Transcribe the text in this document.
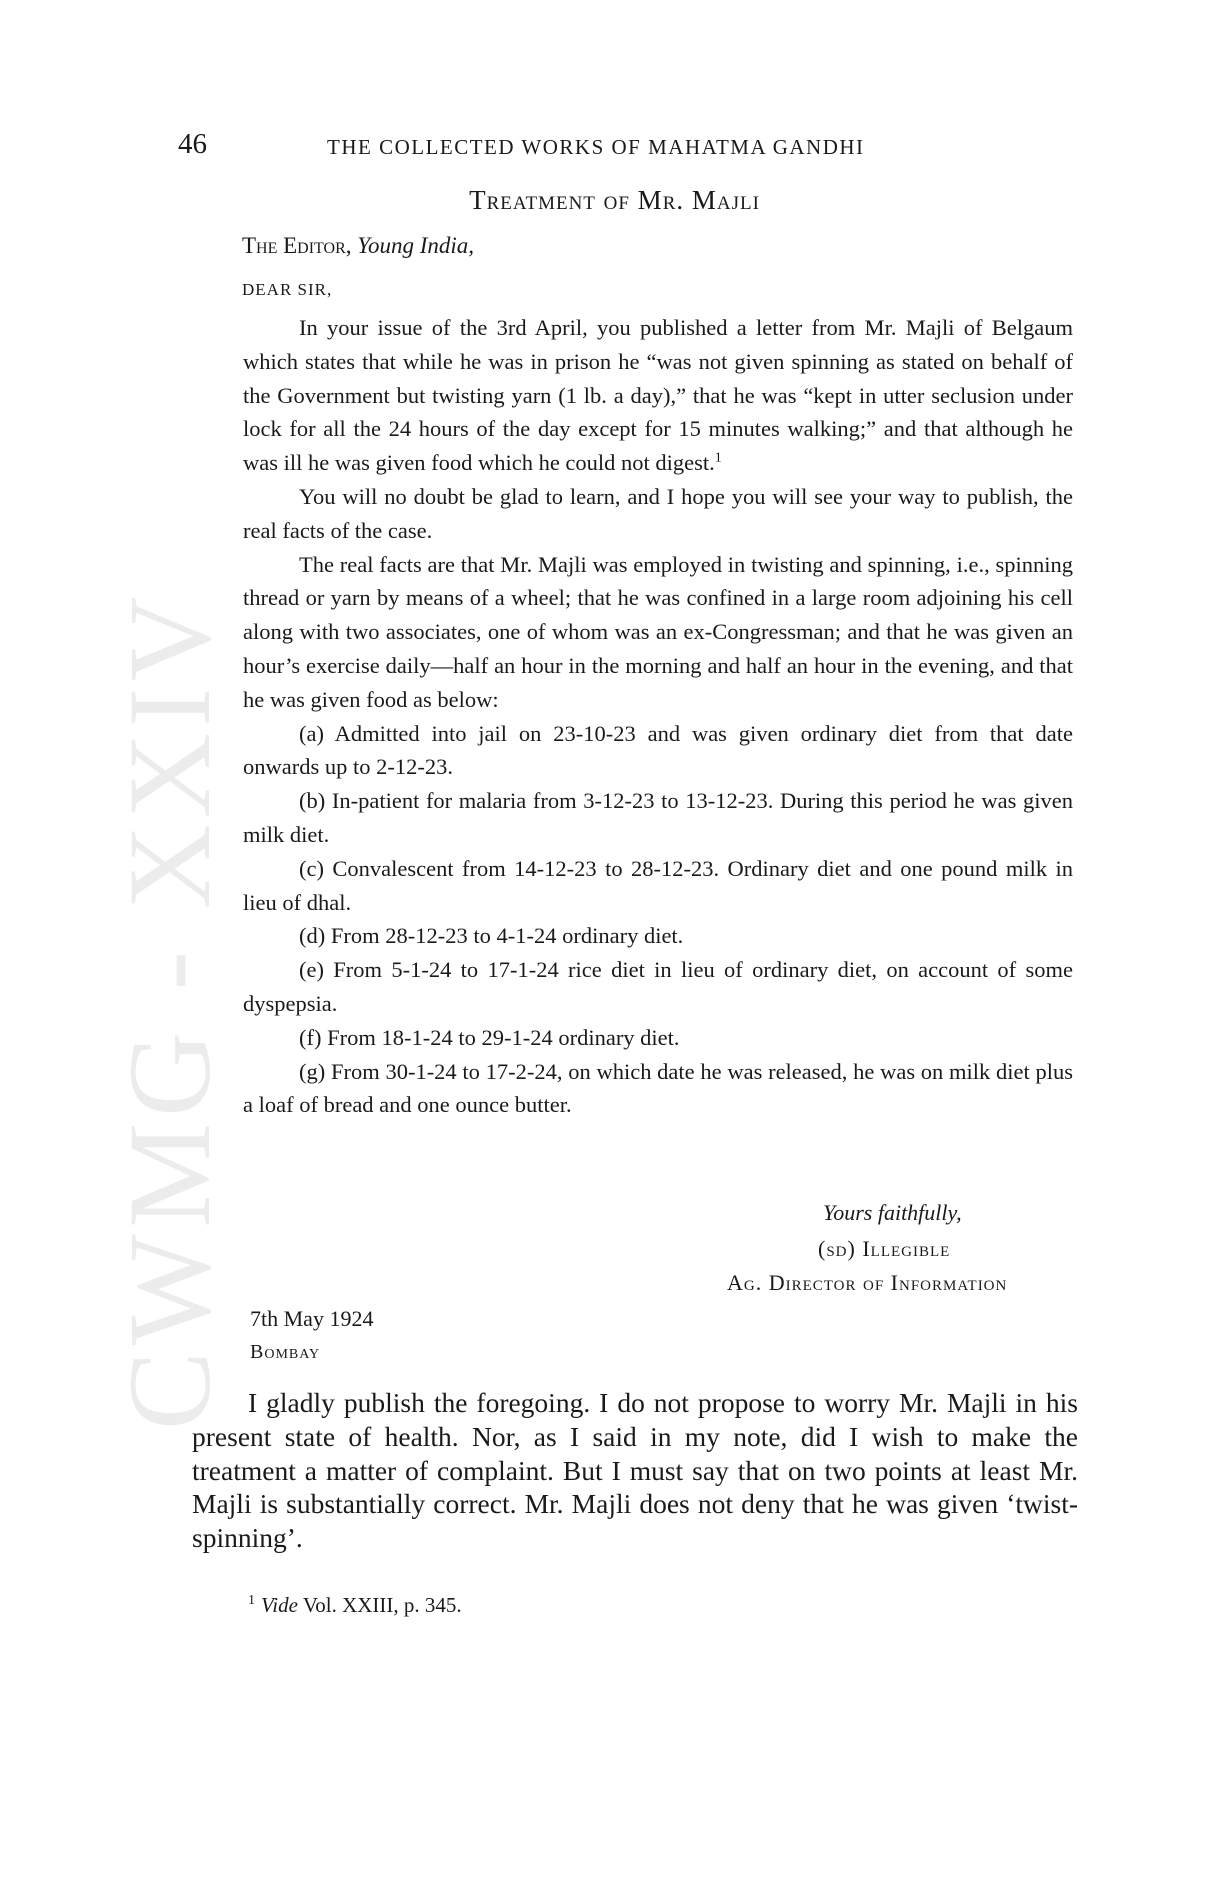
CWMG - XXIV
46	THE COLLECTED WORKS OF MAHATMA GANDHI
Treatment of Mr. Majli
The Editor, Young India,
DEAR SIR,

In your issue of the 3rd April, you published a letter from Mr. Majli of Belgaum which states that while he was in prison he “was not given spinning as stated on behalf of the Government but twisting yarn (1 lb. a day),” that he was “kept in utter seclusion under lock for all the 24 hours of the day except for 15 minutes walking;” and that although he was ill he was given food which he could not digest.$^1$

You will no doubt be glad to learn, and I hope you will see your way to publish, the real facts of the case.

The real facts are that Mr. Majli was employed in twisting and spinning, i.e., spinning thread or yarn by means of a wheel; that he was confined in a large room adjoining his cell along with two associates, one of whom was an ex-Congressman; and that he was given an hour’s exercise daily—half an hour in the morning and half an hour in the evening, and that he was given food as below:

(a) Admitted into jail on 23-10-23 and was given ordinary diet from that date onwards up to 2-12-23.

(b) In-patient for malaria from 3-12-23 to 13-12-23. During this period he was given milk diet.

(c) Convalescent from 14-12-23 to 28-12-23. Ordinary diet and one pound milk in lieu of dhal.

(d) From 28-12-23 to 4-1-24 ordinary diet.

(e) From 5-1-24 to 17-1-24 rice diet in lieu of ordinary diet, on account of some dyspepsia.

(f) From 18-1-24 to 29-1-24 ordinary diet.

(g) From 30-1-24 to 17-2-24, on which date he was released, he was on milk diet plus a loaf of bread and one ounce butter.

Yours faithfully,
(sd) Illegible
Ag. Director of Information
7th May 1924
Bombay

I gladly publish the foregoing. I do not propose to worry Mr. Majli in his present state of health. Nor, as I said in my note, did I wish to make the treatment a matter of complaint. But I must say that on two points at least Mr. Majli is substantially correct. Mr. Majli does not deny that he was given ‘twist-spinning’.

$^1$ Vide Vol. XXIII, p. 345.
